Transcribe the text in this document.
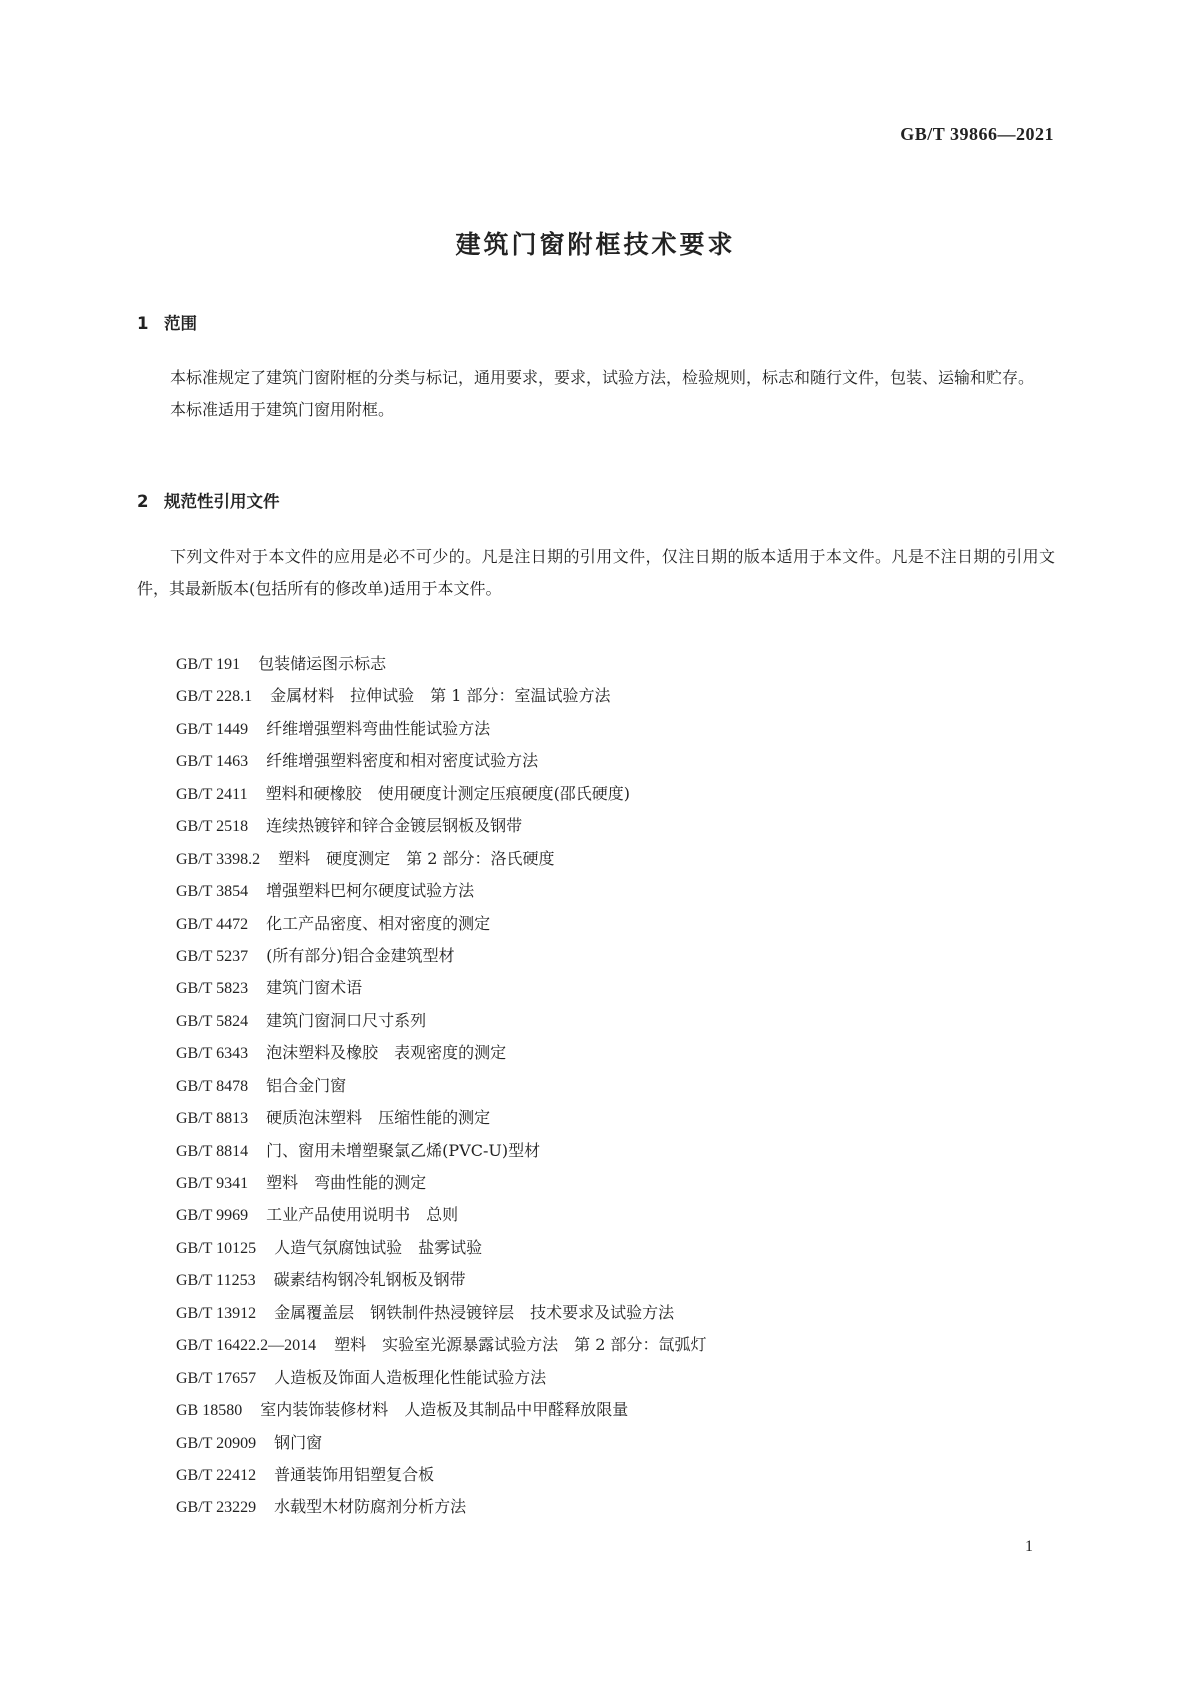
GB/T 39866—2021
建筑门窗附框技术要求
1 范围

本标准规定了建筑门窗附框的分类与标记，通用要求，要求，试验方法，检验规则，标志和随行文件，包装、运输和贮存。

本标准适用于建筑门窗用附框。

2 规范性引用文件

下列文件对于本文件的应用是必不可少的。凡是注日期的引用文件，仅注日期的版本适用于本文件。凡是不注日期的引用文件，其最新版本(包括所有的修改单)适用于本文件。

GB/T 191 包装储运图示标志
GB/T 228.1 金属材料　拉伸试验　第 1 部分：室温试验方法
GB/T 1449 纤维增强塑料弯曲性能试验方法
GB/T 1463 纤维增强塑料密度和相对密度试验方法
GB/T 2411 塑料和硬橡胶　使用硬度计测定压痕硬度(邵氏硬度)
GB/T 2518 连续热镀锌和锌合金镀层钢板及钢带
GB/T 3398.2 塑料　硬度测定　第 2 部分：洛氏硬度
GB/T 3854 增强塑料巴柯尔硬度试验方法
GB/T 4472 化工产品密度、相对密度的测定
GB/T 5237 (所有部分)铝合金建筑型材
GB/T 5823 建筑门窗术语
GB/T 5824 建筑门窗洞口尺寸系列
GB/T 6343 泡沫塑料及橡胶　表观密度的测定
GB/T 8478 铝合金门窗
GB/T 8813 硬质泡沫塑料　压缩性能的测定
GB/T 8814 门、窗用未增塑聚氯乙烯(PVC-U)型材
GB/T 9341 塑料　弯曲性能的测定
GB/T 9969 工业产品使用说明书　总则
GB/T 10125 人造气氛腐蚀试验　盐雾试验
GB/T 11253 碳素结构钢冷轧钢板及钢带
GB/T 13912 金属覆盖层　钢铁制件热浸镀锌层　技术要求及试验方法
GB/T 16422.2—2014 塑料　实验室光源暴露试验方法　第 2 部分：氙弧灯
GB/T 17657 人造板及饰面人造板理化性能试验方法
GB 18580 室内装饰装修材料　人造板及其制品中甲醛释放限量
GB/T 20909 钢门窗
GB/T 22412 普通装饰用铝塑复合板
GB/T 23229 水载型木材防腐剂分析方法
1
